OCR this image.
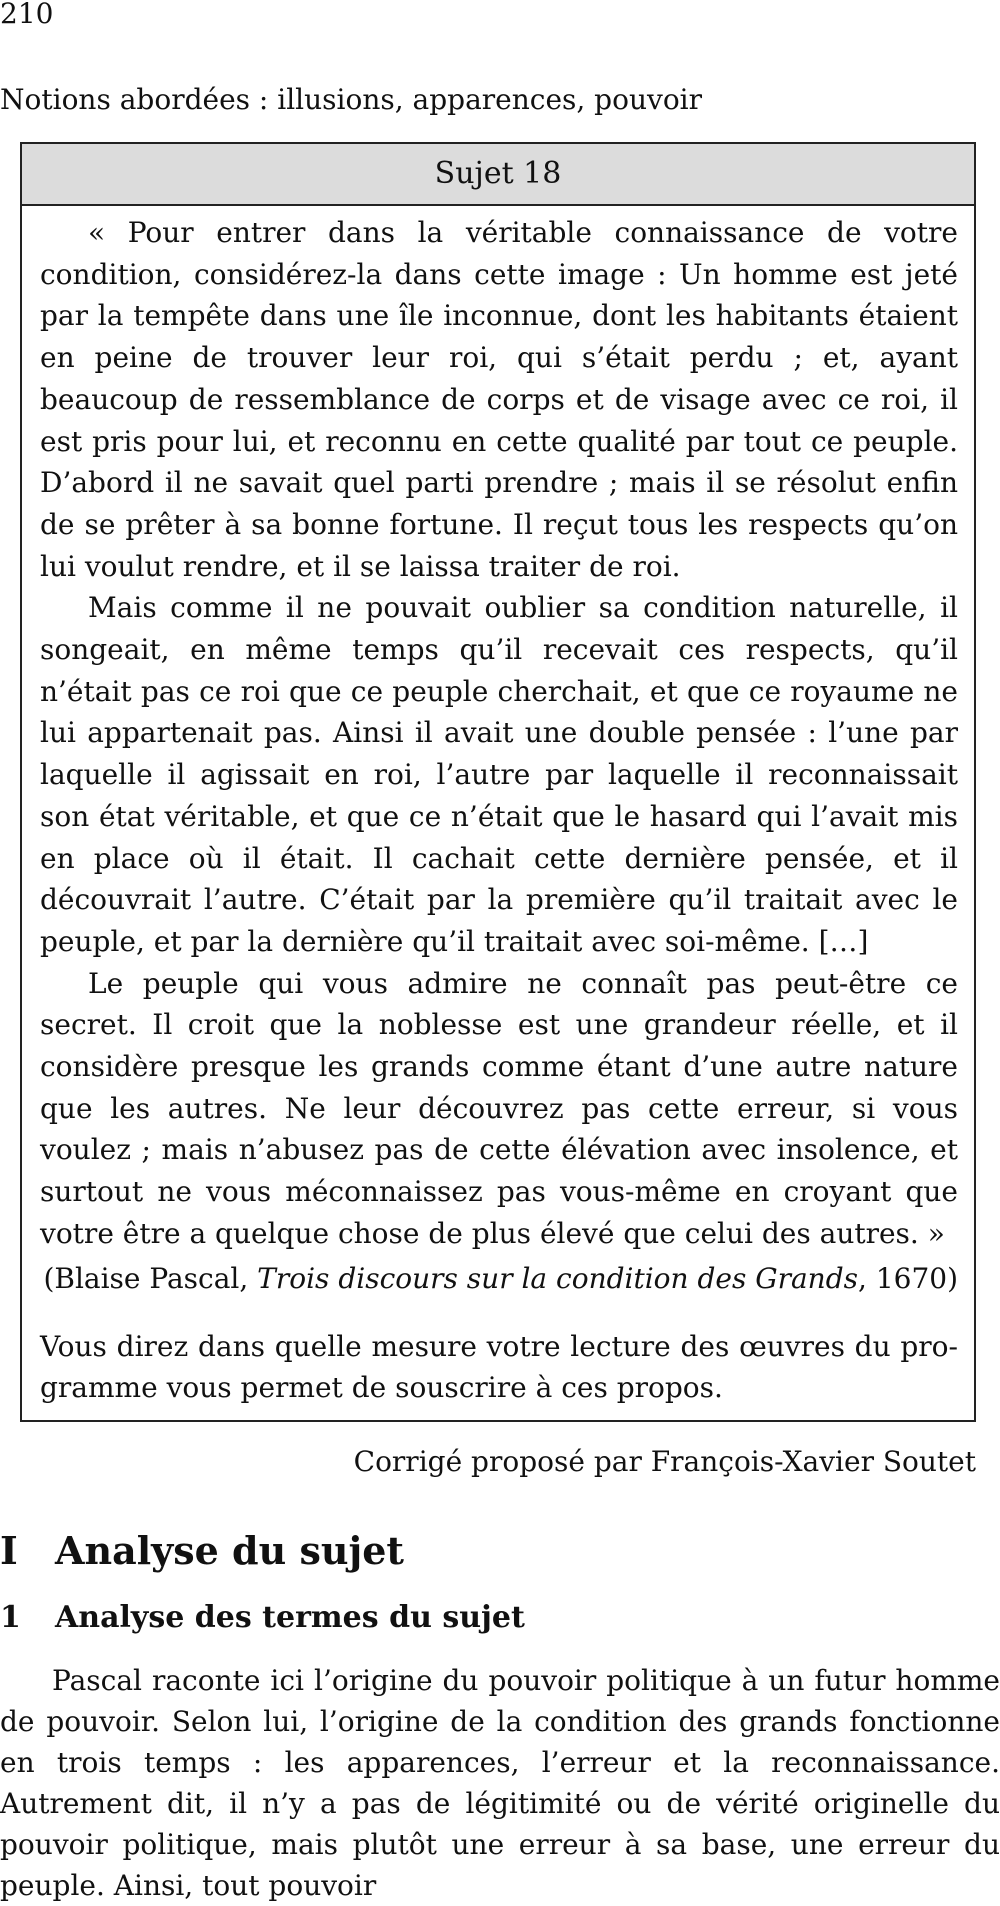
210
Notions abordées : illusions, apparences, pouvoir
Sujet 18

« Pour entrer dans la véritable connaissance de votre condition, considérez-la dans cette image : Un homme est jeté par la tempête dans une île inconnue, dont les habitants étaient en peine de trouver leur roi, qui s’était perdu ; et, ayant beaucoup de ressemblance de corps et de visage avec ce roi, il est pris pour lui, et reconnu en cette qualité par tout ce peuple. D’abord il ne savait quel parti prendre ; mais il se résolut enfin de se prêter à sa bonne fortune. Il reçut tous les respects qu’on lui voulut rendre, et il se laissa traiter de roi.

Mais comme il ne pouvait oublier sa condition naturelle, il songeait, en même temps qu’il recevait ces respects, qu’il n’était pas ce roi que ce peuple cherchait, et que ce royaume ne lui appartenait pas. Ainsi il avait une double pensée : l’une par laquelle il agissait en roi, l’autre par laquelle il reconnaissait son état véritable, et que ce n’était que le hasard qui l’avait mis en place où il était. Il cachait cette dernière pensée, et il découvrait l’autre. C’était par la première qu’il traitait avec le peuple, et par la dernière qu’il traitait avec soi-même. […]

Le peuple qui vous admire ne connaît pas peut-être ce secret. Il croit que la noblesse est une grandeur réelle, et il considère presque les grands comme étant d’une autre nature que les autres. Ne leur découvrez pas cette erreur, si vous voulez ; mais n’abusez pas de cette élévation avec insolence, et surtout ne vous méconnaissez pas vous-même en croyant que votre être a quelque chose de plus élevé que celui des autres. »

(Blaise Pascal, Trois discours sur la condition des Grands, 1670)
Vous direz dans quelle mesure votre lecture des œuvres du programme vous permet de souscrire à ces propos.
Corrigé proposé par François-Xavier Soutet
I Analyse du sujet
1 Analyse des termes du sujet

Pascal raconte ici l’origine du pouvoir politique à un futur homme de pouvoir. Selon lui, l’origine de la condition des grands fonctionne en trois temps : les apparences, l’erreur et la reconnaissance. Autrement dit, il n’y a pas de légitimité ou de vérité originelle du pouvoir politique, mais plutôt une erreur à sa base, une erreur du peuple. Ainsi, tout pouvoir
